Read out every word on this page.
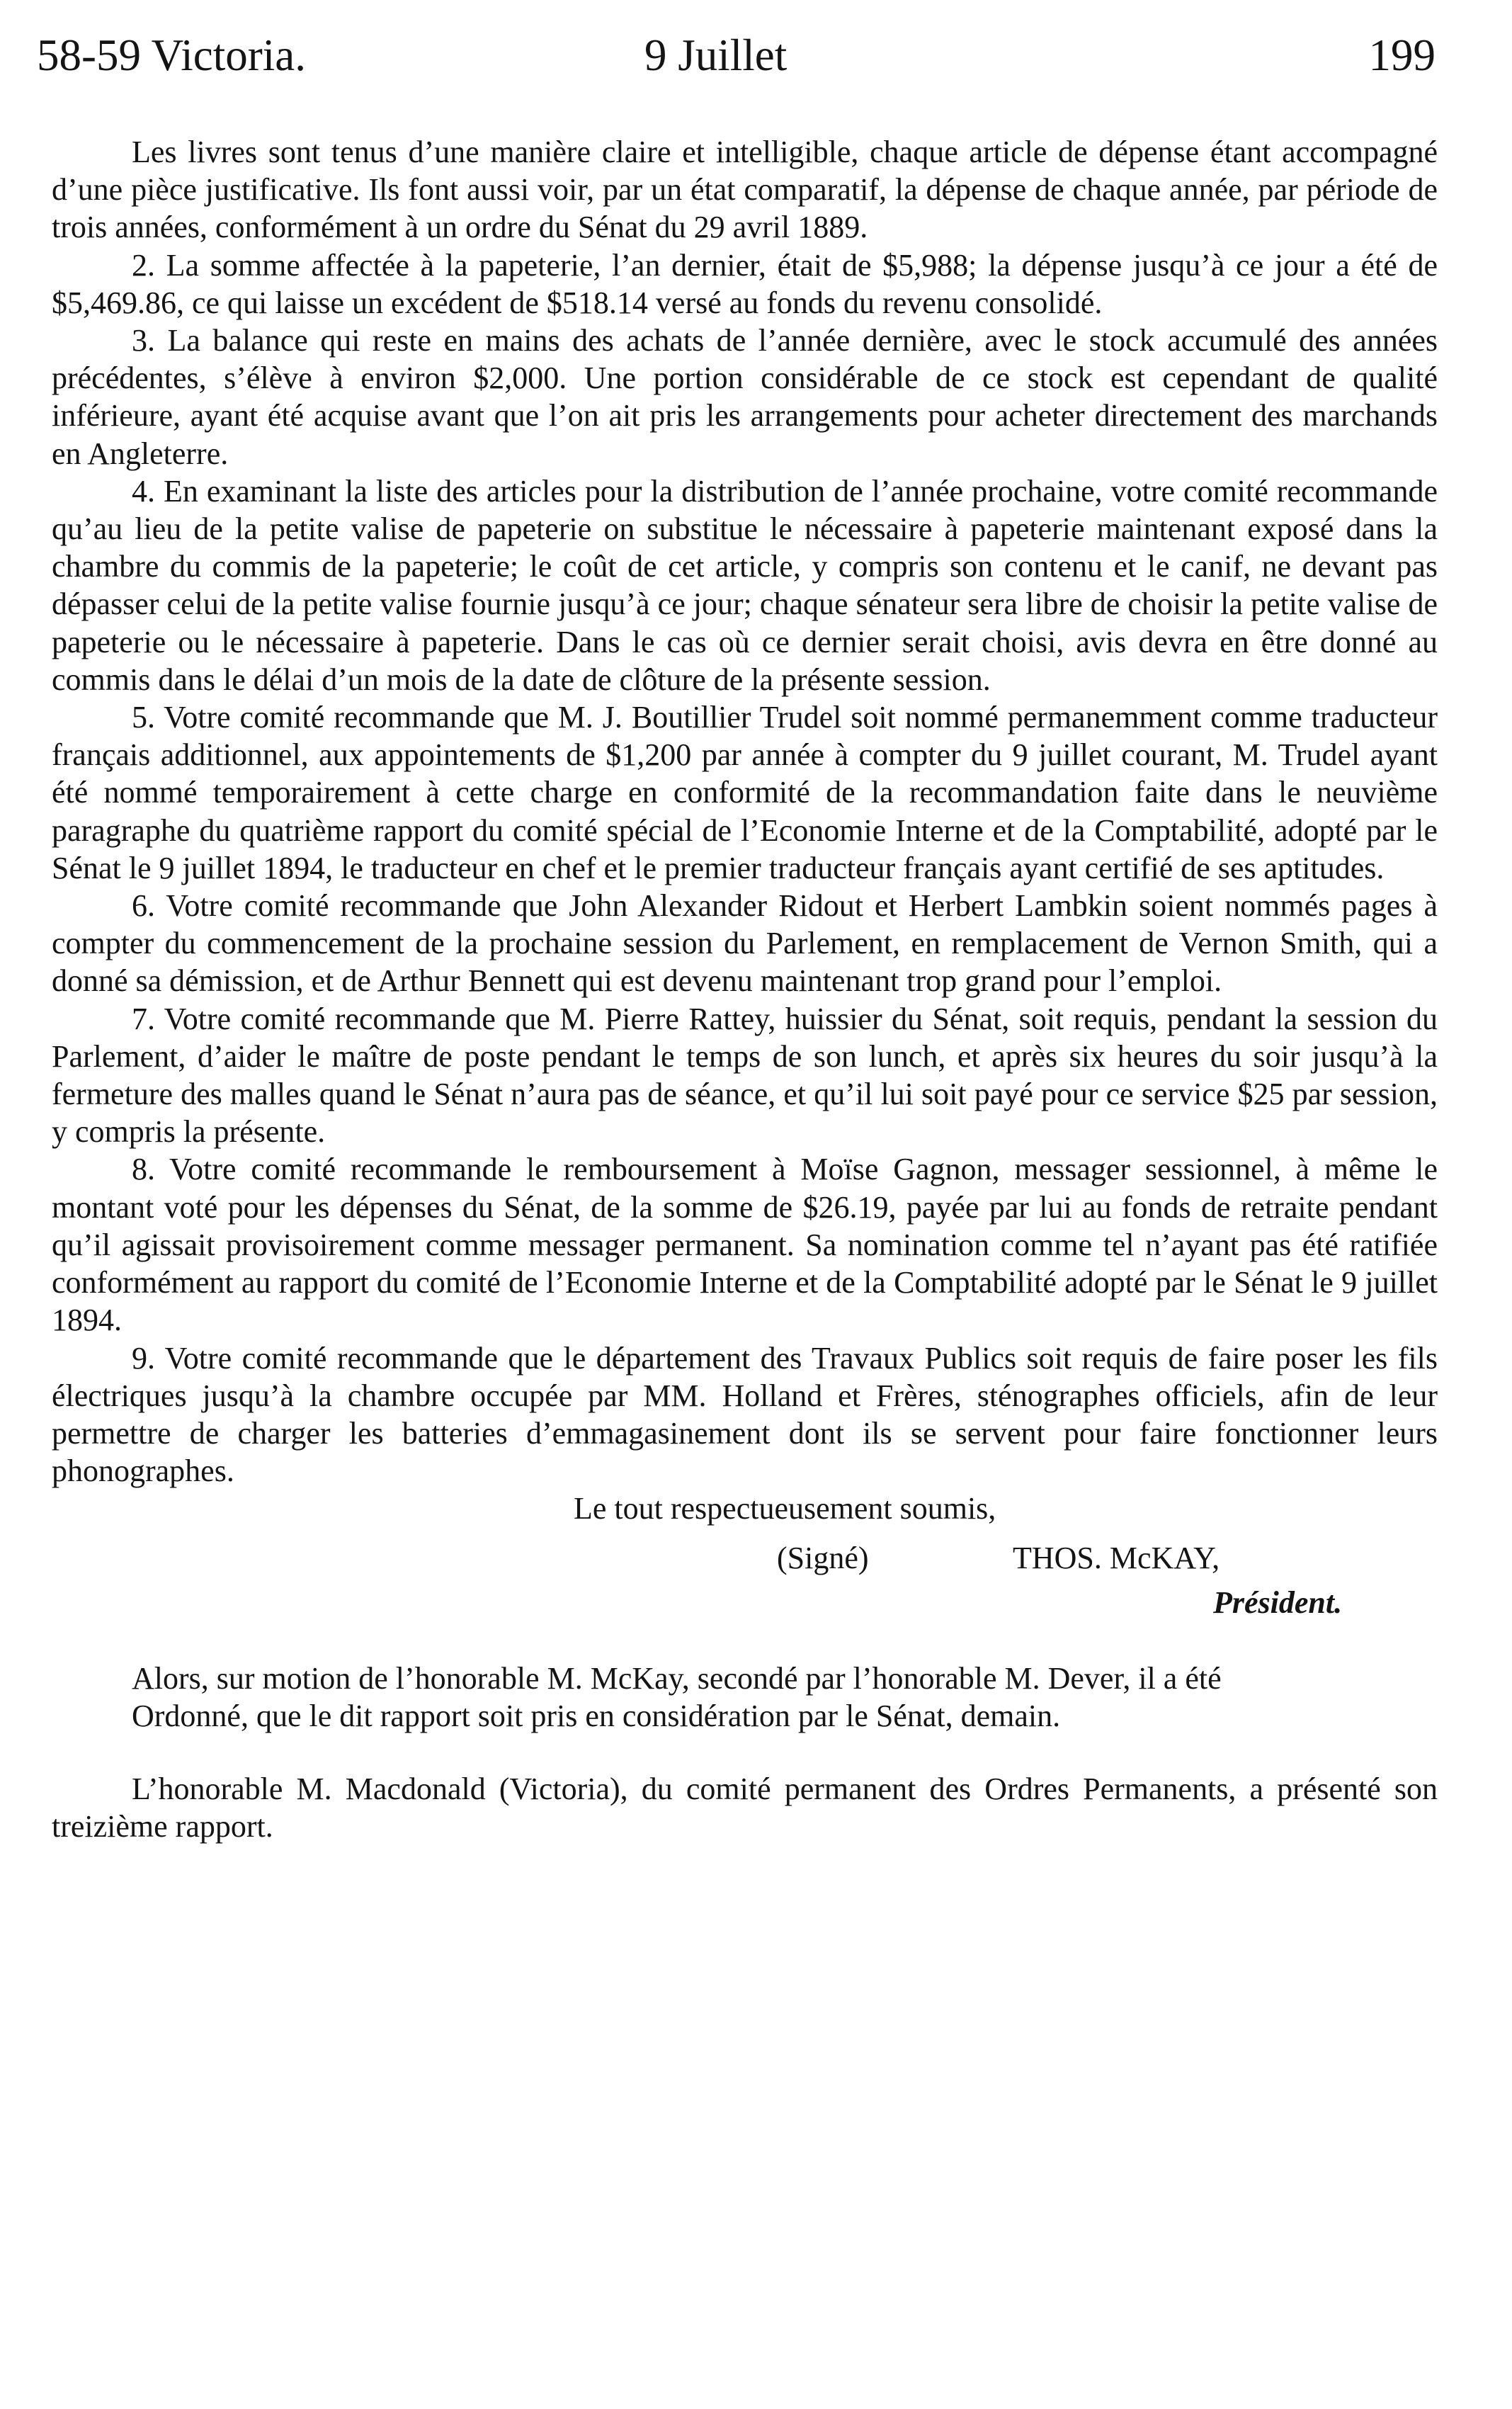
58-59 Victoria.	9 Juillet	199

Les livres sont tenus d’une manière claire et intelligible, chaque article de dépense étant accompagné d’une pièce justificative. Ils font aussi voir, par un état comparatif, la dépense de chaque année, par période de trois années, conformément à un ordre du Sénat du 29 avril 1889.

2. La somme affectée à la papeterie, l’an dernier, était de $5,988; la dépense jusqu’à ce jour a été de $5,469.86, ce qui laisse un excédent de $518.14 versé au fonds du revenu consolidé.

3. La balance qui reste en mains des achats de l’année dernière, avec le stock accumulé des années précédentes, s’élève à environ $2,000. Une portion considérable de ce stock est cependant de qualité inférieure, ayant été acquise avant que l’on ait pris les arrangements pour acheter directement des marchands en Angleterre.

4. En examinant la liste des articles pour la distribution de l’année prochaine, votre comité recommande qu’au lieu de la petite valise de papeterie on substitue le nécessaire à papeterie maintenant exposé dans la chambre du commis de la papeterie; le coût de cet article, y compris son contenu et le canif, ne devant pas dépasser celui de la petite valise fournie jusqu’à ce jour; chaque sénateur sera libre de choisir la petite valise de papeterie ou le nécessaire à papeterie. Dans le cas où ce dernier serait choisi, avis devra en être donné au commis dans le délai d’un mois de la date de clôture de la présente session.

5. Votre comité recommande que M. J. Boutillier Trudel soit nommé permanemment comme traducteur français additionnel, aux appointements de $1,200 par année à compter du 9 juillet courant, M. Trudel ayant été nommé temporairement à cette charge en conformité de la recommandation faite dans le neuvième paragraphe du quatrième rapport du comité spécial de l’Economie Interne et de la Comptabilité, adopté par le Sénat le 9 juillet 1894, le traducteur en chef et le premier traducteur français ayant certifié de ses aptitudes.

6. Votre comité recommande que John Alexander Ridout et Herbert Lambkin soient nommés pages à compter du commencement de la prochaine session du Parlement, en remplacement de Vernon Smith, qui a donné sa démission, et de Arthur Bennett qui est devenu maintenant trop grand pour l’emploi.

7. Votre comité recommande que M. Pierre Rattey, huissier du Sénat, soit requis, pendant la session du Parlement, d’aider le maître de poste pendant le temps de son lunch, et après six heures du soir jusqu’à la fermeture des malles quand le Sénat n’aura pas de séance, et qu’il lui soit payé pour ce service $25 par session, y compris la présente.

8. Votre comité recommande le remboursement à Moïse Gagnon, messager sessionnel, à même le montant voté pour les dépenses du Sénat, de la somme de $26.19, payée par lui au fonds de retraite pendant qu’il agissait provisoirement comme messager permanent. Sa nomination comme tel n’ayant pas été ratifiée conformément au rapport du comité de l’Economie Interne et de la Comptabilité adopté par le Sénat le 9 juillet 1894.

9. Votre comité recommande que le département des Travaux Publics soit requis de faire poser les fils électriques jusqu’à la chambre occupée par MM. Holland et Frères, sténographes officiels, afin de leur permettre de charger les batteries d’emmagasinement dont ils se servent pour faire fonctionner leurs phonographes.

Le tout respectueusement soumis,

(Signé)	THOS. McKAY,

Président.

Alors, sur motion de l’honorable M. McKay, secondé par l’honorable M. Dever, il a été

Ordonné, que le dit rapport soit pris en considération par le Sénat, demain.

L’honorable M. Macdonald (Victoria), du comité permanent des Ordres Permanents, a présenté son treizième rapport.
